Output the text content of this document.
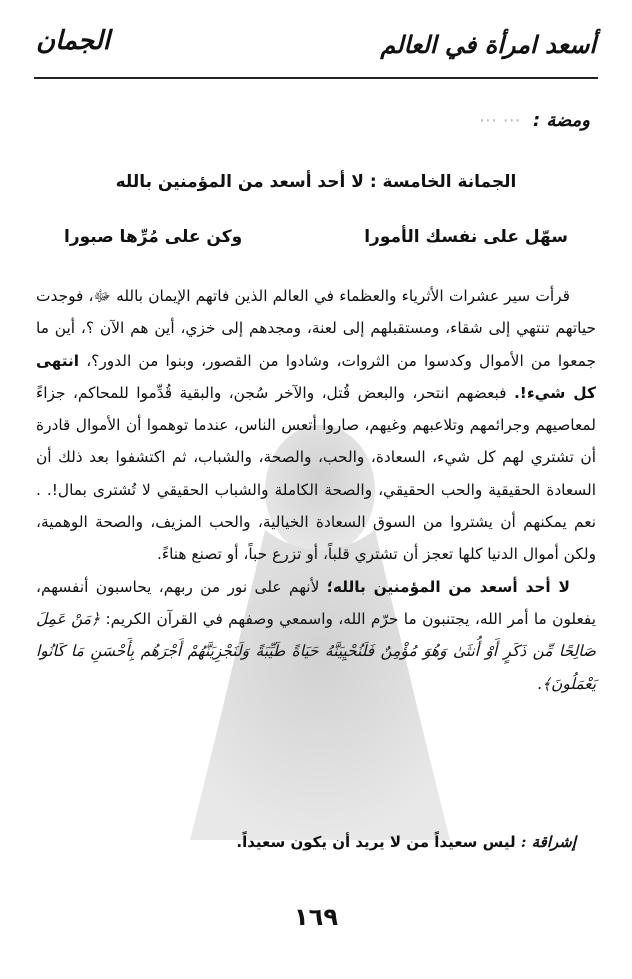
أسعد امرأة في العالم
الجمان
ومضة : ⋯ ⋯
الجمانة الخامسة : لا أحد أسعد من المؤمنين بالله
سهّل على نفسك الأمورا
وكن على مُرِّها صبورا

قرأت سير عشرات الأثرياء والعظماء في العالم الذين فاتهم الإيمان بالله ﷻ، فوجدت حياتهم تنتهي إلى شقاء، ومستقبلهم إلى لعنة، ومجدهم إلى خزي، أين هم الآن ؟، أين ما جمعوا من الأموال وكدسوا من الثروات، وشادوا من القصور، وبنوا من الدور؟، انتهى كل شيء!. فبعضهم انتحر، والبعض قُتل، والآخر سُجن، والبقية قُدِّموا للمحاكم، جزاءً لمعاصيهم وجرائمهم وتلاعبهم وغيهم، صاروا أتعس الناس، عندما توهموا أن الأموال قادرة أن تشتري لهم كل شيء، السعادة، والحب، والصحة، والشباب، ثم اكتشفوا بعد ذلك أن السعادة الحقيقية والحب الحقيقي، والصحة الكاملة والشباب الحقيقي لا تُشترى بمال!. . نعم يمكنهم أن يشتروا من السوق السعادة الخيالية، والحب المزيف، والصحة الوهمية، ولكن أموال الدنيا كلها تعجز أن تشتري قلباً، أو تزرع حباً، أو تصنع هناءً.

لا أحد أسعد من المؤمنين بالله؛ لأنهم على نور من ربهم، يحاسبون أنفسهم، يفعلون ما أمر الله، يجتنبون ما حرّم الله، واسمعي وصفهم في القرآن الكريم: ﴿مَنْ عَمِلَ صَالِحًا مِّن ذَكَرٍ أَوْ أُنثَىٰ وَهُوَ مُؤْمِنٌ فَلَنُحْيِيَنَّهُ حَيَاةً طَيِّبَةً وَلَنَجْزِيَنَّهُمْ أَجْرَهُم بِأَحْسَنِ مَا كَانُوا يَعْمَلُونَ﴾.

إشراقة : ليس سعيداً من لا يريد أن يكون سعيداً.
١٦٩
